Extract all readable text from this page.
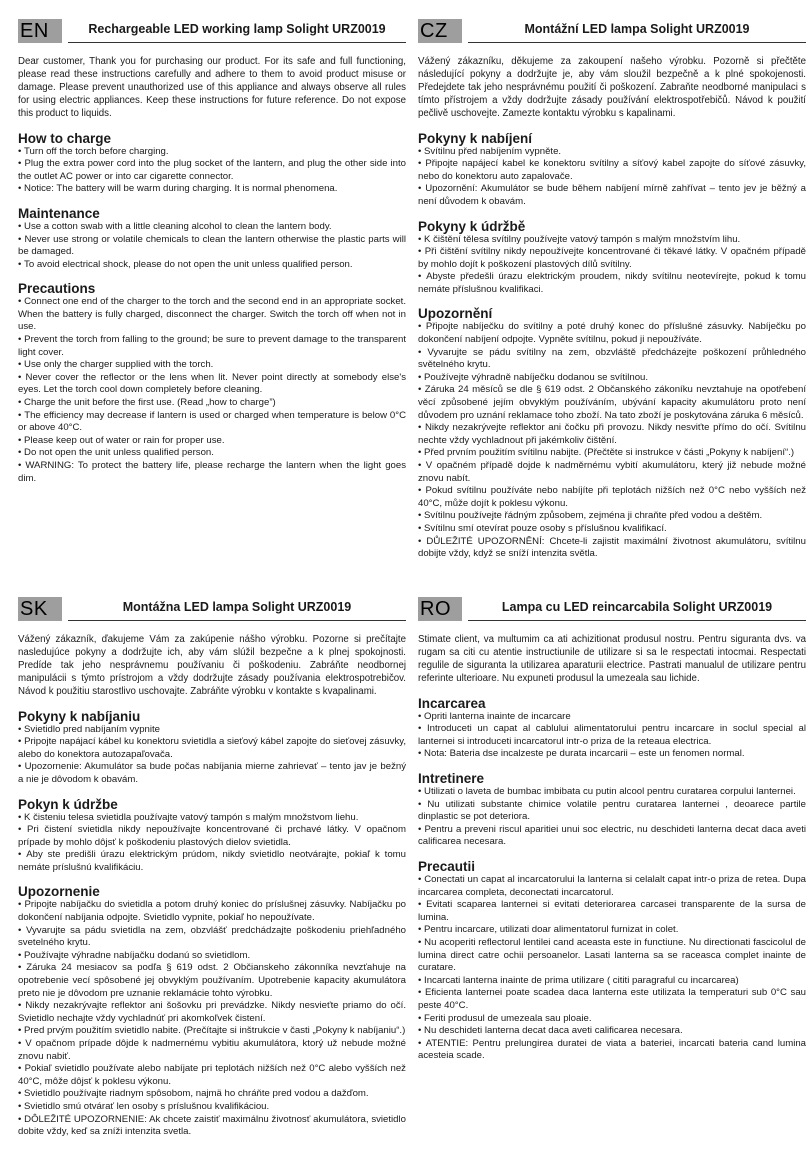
EN	Rechargeable LED working lamp Solight URZ0019

Dear customer, Thank you for purchasing our product. For its safe and full functioning, please read these instructions carefully and adhere to them to avoid product misuse or damage. Please prevent unauthorized use of this appliance and always observe all rules for using electric appliances. Keep these instructions for future reference. Do not expose this product to liquids.

How to charge
• Turn off the torch before charging.
• Plug the extra power cord into the plug socket of the lantern, and plug the other side into the outlet AC power or into car cigarette connector.
• Notice: The battery will be warm during charging. It is normal phenomena.
Maintenance
• Use a cotton swab with a little cleaning alcohol to clean the lantern body.
• Never use strong or volatile chemicals to clean the lantern otherwise the plastic parts will be damaged.
• To avoid electrical shock, please do not open the unit unless qualified person.
Precautions
• Connect one end of the charger to the torch and the second end in an appropriate socket. When the battery is fully charged, disconnect the charger. Switch the torch off when not in use.
• Prevent the torch from falling to the ground; be sure to prevent damage to the transparent light cover.
• Use only the charger supplied with the torch.
• Never cover the reflector or the lens when lit. Never point directly at somebody else's eyes. Let the torch cool down completely before cleaning.
• Charge the unit before the first use. (Read „how to charge”)
• The efficiency may decrease if lantern is used or charged when temperature is below 0°C or above 40°C.
• Please keep out of water or rain for proper use.
• Do not open the unit unless qualified person.
• WARNING: To protect the battery life, please recharge the lantern when the light goes dim.
CZ	Montážní LED lampa Solight URZ0019

Vážený zákazníku, děkujeme za zakoupení našeho výrobku. Pozorně si přečtěte následující pokyny a dodržujte je, aby vám sloužil bezpečně a k plné spokojenosti. Předejdete tak jeho nesprávnému použití či poškození. Zabraňte neodborné manipulaci s tímto přístrojem a vždy dodržujte zásady používání elektrospotřebičů. Návod k použití pečlivě uschovejte. Zamezte kontaktu výrobku s kapalinami.

Pokyny k nabíjení
• Svítilnu před nabíjením vypněte.
• Připojte napájecí kabel ke konektoru svítilny a síťový kabel zapojte do síťové zásuvky, nebo do konektoru auto zapalovače.
• Upozornění: Akumulátor se bude během nabíjení mírně zahřívat – tento jev je běžný a není důvodem k obavám.
Pokyny k údržbě
• K čištění tělesa svítilny používejte vatový tampón s malým množstvím lihu.
• Při čištění svítilny nikdy nepoužívejte koncentrované či těkavé látky. V opačném případě by mohlo dojít k poškození plastových dílů svítilny.
• Abyste předešli úrazu elektrickým proudem, nikdy svítilnu neotevírejte, pokud k tomu nemáte příslušnou kvalifikaci.
Upozornění
• Připojte nabíječku do svítilny a poté druhý konec do příslušné zásuvky. Nabíječku po dokončení nabíjení odpojte. Vypněte svítilnu, pokud ji nepoužíváte.
• Vyvarujte se pádu svítilny na zem, obzvláště předcházejte poškození průhledného světelného krytu.
• Používejte výhradně nabíječku dodanou se svítilnou.
• Záruka 24 měsíců se dle § 619 odst. 2 Občanského zákoníku nevztahuje na opotřebení věcí způsobené jejím obvyklým používáním, ubývání kapacity akumulátoru proto není důvodem pro uznání reklamace toho zboží. Na tato zboží je poskytována záruka 6 měsíců.
• Nikdy nezakrývejte reflektor ani čočku při provozu. Nikdy nesviťte přímo do očí. Svítilnu nechte vždy vychladnout při jakémkoliv čištění.
• Před prvním použitím svítilnu nabijte. (Přečtěte si instrukce v části „Pokyny k nabíjení“.)
• V opačném případě dojde k nadměrnému vybití akumulátoru, který již nebude možné znovu nabít.
• Pokud svítilnu používáte nebo nabíjíte při teplotách nižších než 0°C nebo vyšších než 40°C, může dojít k poklesu výkonu.
• Svítilnu používejte řádným způsobem, zejména ji chraňte před vodou a deštěm.
• Svítilnu smí otevírat pouze osoby s příslušnou kvalifikací.
• DŮLEŽITÉ UPOZORNĚNÍ: Chcete-li zajistit maximální životnost akumulátoru, svítilnu dobijte vždy, když se sníží intenzita světla.
SK	Montážna LED lampa Solight URZ0019

Vážený zákazník, ďakujeme Vám za zakúpenie nášho výrobku. Pozorne si prečítajte nasledujúce pokyny a dodržujte ich, aby vám slúžil bezpečne a k plnej spokojnosti. Predíde tak jeho nesprávnemu používaniu či poškodeniu. Zabráňte neodbornej manipulácii s týmto prístrojom a vždy dodržujte zásady používania elektrospotrebičov. Návod k použitiu starostlivo uschovajte. Zabráňte výrobku v kontakte s kvapalinami.

Pokyny k nabíjaniu
• Svietidlo pred nabíjaním vypnite
• Pripojte napájací kábel ku konektoru svietidla a sieťový kábel zapojte do sieťovej zásuvky, alebo do konektora autozapaľovača.
• Upozornenie: Akumulátor sa bude počas nabíjania mierne zahrievať – tento jav je bežný a nie je dôvodom k obavám.
Pokyn k údržbe
• K čisteniu telesa svietidla používajte vatový tampón s malým množstvom liehu.
• Pri čistení svietidla nikdy nepoužívajte koncentrované či prchavé látky. V opačnom prípade by mohlo dôjsť k poškodeniu plastových dielov svietidla.
• Aby ste predišli úrazu elektrickým prúdom, nikdy svietidlo neotvárajte, pokiaľ k tomu nemáte príslušnú kvalifikáciu.
Upozornenie
• Pripojte nabíjačku do svietidla a potom druhý koniec do príslušnej zásuvky. Nabíjačku po dokončení nabíjania odpojte. Svietidlo vypnite, pokiaľ ho nepoužívate.
• Vyvarujte sa pádu svietidla na zem, obzvlášť predchádzajte poškodeniu priehľadného svetelného krytu.
• Používajte výhradne nabíjačku dodanú so svietidlom.
• Záruka 24 mesiacov sa podľa § 619 odst. 2 Občianskeho zákonníka nevzťahuje na opotrebenie vecí spôsobené jej obvyklým používaním. Upotrebenie kapacity akumulátora preto nie je dôvodom pre uznanie reklamácie tohto výrobku.
• Nikdy nezakrývajte reflektor ani šošovku pri prevádzke. Nikdy nesvieťte priamo do očí. Svietidlo nechajte vždy vychladnúť pri akomkoľvek čistení.
• Pred prvým použitím svietidlo nabite. (Prečítajte si inštrukcie v časti „Pokyny k nabíjaniu“.)
• V opačnom prípade dôjde k nadmernému vybitiu akumulátora, ktorý už nebude možné znovu nabiť.
• Pokiaľ svietidlo používate alebo nabíjate pri teplotách nižších než 0°C alebo vyšších než 40°C, môže dôjsť k poklesu výkonu.
• Svietidlo používajte riadnym spôsobom, najmä ho chráňte pred vodou a dažďom.
• Svietidlo smú otvárať len osoby s príslušnou kvalifikáciou.
• DÔLEŽITÉ UPOZORNENIE: Ak chcete zaistiť maximálnu životnosť akumulátora, svietidlo dobite vždy, keď sa zníži intenzita svetla.
RO	Lampa cu LED reincarcabila Solight URZ0019

Stimate client, va multumim ca ati achizitionat produsul nostru. Pentru siguranta dvs. va rugam sa citi cu atentie instructiunile de utilizare si sa le respectati intocmai. Respectati regulile de siguranta la utilizarea aparaturii electrice. Pastrati manualul de utilizare pentru referinte ulterioare. Nu expuneti produsul la umezeala sau lichide.

Incarcarea
• Opriti lanterna inainte de incarcare
• Introduceti un capat al cablului alimentatorului pentru incarcare in soclul special al lanternei si introduceti incarcatorul intr-o priza de la reteaua electrica.
• Nota: Bateria dse incalzeste pe durata incarcarii – este un fenomen normal.
Intretinere
• Utilizati o laveta de bumbac imbibata cu putin alcool pentru curatarea corpului lanternei.
• Nu utilizati substante chimice volatile pentru curatarea lanternei , deoarece partile dinplastic se pot deteriora.
• Pentru a preveni riscul aparitiei unui soc electric, nu deschideti lanterna decat daca aveti calificarea necesara.
Precautii
• Conectati un capat al incarcatorului la lanterna si celalalt capat intr-o priza de retea. Dupa incarcarea completa, deconectati incarcatorul.
• Evitati scaparea lanternei si evitati deteriorarea carcasei transparente de la sursa de lumina.
• Pentru incarcare, utilizati doar alimentatorul furnizat in colet.
• Nu acoperiti reflectorul lentilei cand aceasta este in functiune. Nu directionati fascicolul de lumina direct catre ochii persoanelor. Lasati lanterna sa se raceasca complet inainte de curatare.
• Incarcati lanterna inainte de prima utilizare ( cititi paragraful cu incarcarea)
• Eficienta lanternei poate scadea daca lanterna este utilizata la temperaturi sub 0°C sau peste 40°C.
• Feriti produsul de umezeala sau ploaie.
• Nu deschideti lanterna decat daca aveti calificarea necesara.
• ATENTIE: Pentru prelungirea duratei de viata a bateriei, incarcati bateria cand lumina acesteia scade.
